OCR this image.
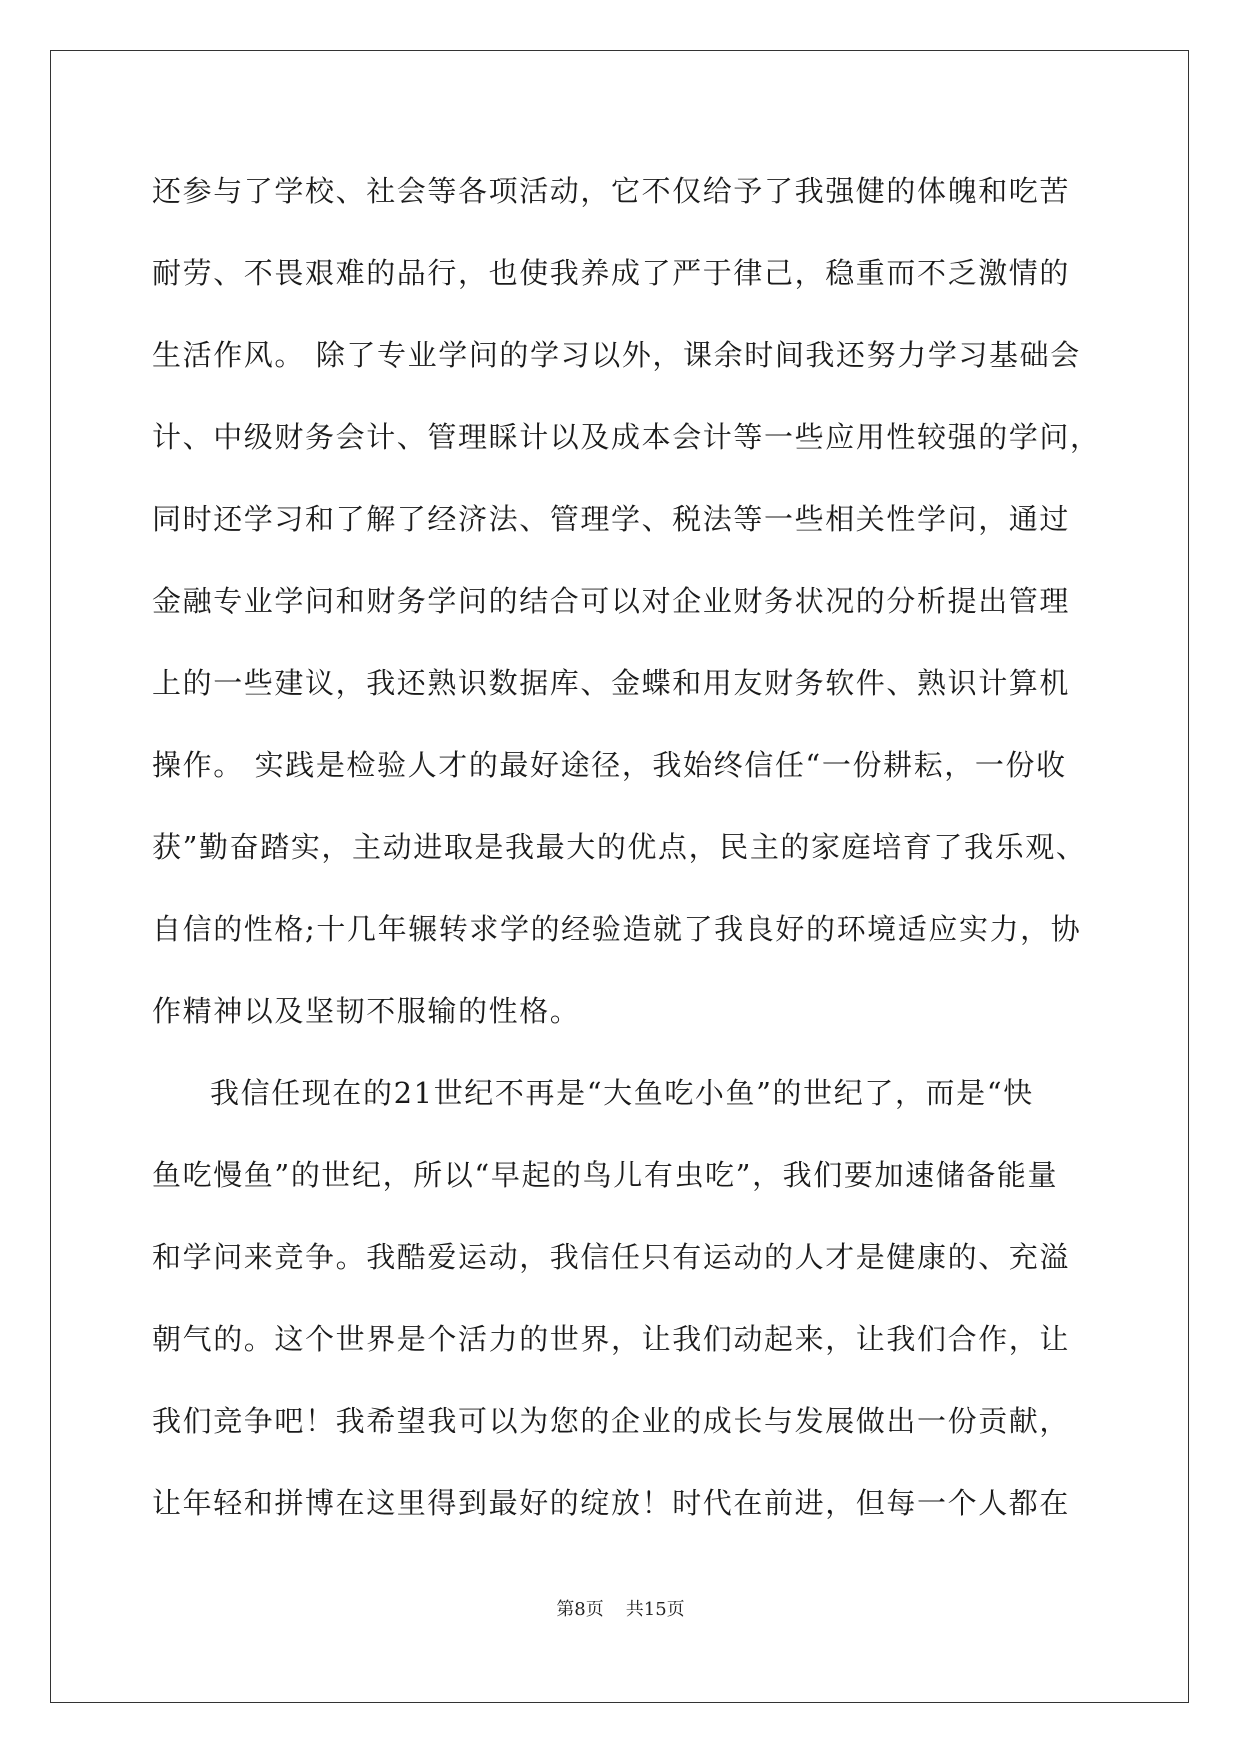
还参与了学校、社会等各项活动，它不仅给予了我强健的体魄和吃苦
耐劳、不畏艰难的品行，也使我养成了严于律己，稳重而不乏激情的
生活作风。 除了专业学问的学习以外，课余时间我还努力学习基础会
计、中级财务会计、管理睬计以及成本会计等一些应用性较强的学问，
同时还学习和了解了经济法、管理学、税法等一些相关性学问，通过
金融专业学问和财务学问的结合可以对企业财务状况的分析提出管理
上的一些建议，我还熟识数据库、金蝶和用友财务软件、熟识计算机
操作。 实践是检验人才的最好途径，我始终信任“一份耕耘，一份收
获”勤奋踏实，主动进取是我最大的优点，民主的家庭培育了我乐观、
自信的性格;十几年辗转求学的经验造就了我良好的环境适应实力，协
作精神以及坚韧不服输的性格。
我信任现在的21世纪不再是“大鱼吃小鱼”的世纪了，而是“快
鱼吃慢鱼”的世纪，所以“早起的鸟儿有虫吃”，我们要加速储备能量
和学问来竞争。我酷爱运动，我信任只有运动的人才是健康的、充溢
朝气的。这个世界是个活力的世界，让我们动起来，让我们合作，让
我们竞争吧！我希望我可以为您的企业的成长与发展做出一份贡献，
让年轻和拼博在这里得到最好的绽放！时代在前进，但每一个人都在
第8页 共15页
